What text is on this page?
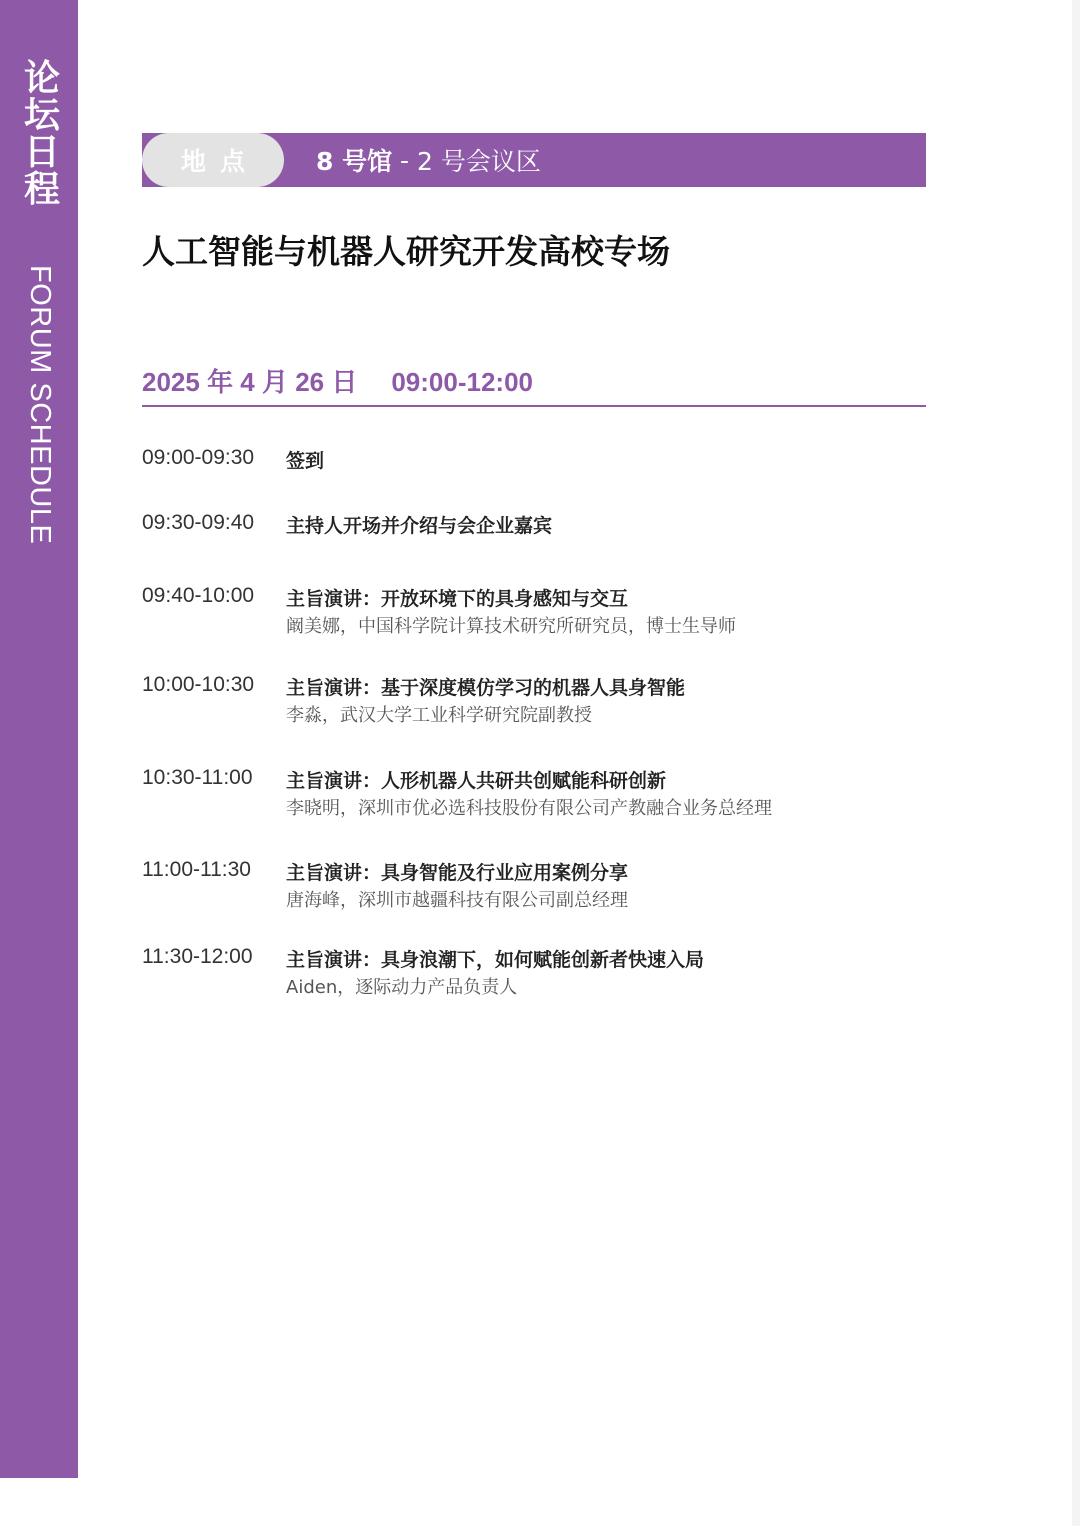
论坛日程
FORUM SCHEDULE
地点	8 号馆 - 2 号会议区
人工智能与机器人研究开发高校专场
2025 年 4 月 26 日 09:00-12:00
09:00-09:30 签到
09:30-09:40 主持人开场并介绍与会企业嘉宾
09:40-10:00 主旨演讲：开放环境下的具身感知与交互
阚美娜，中国科学院计算技术研究所研究员，博士生导师
10:00-10:30 主旨演讲：基于深度模仿学习的机器人具身智能
李淼，武汉大学工业科学研究院副教授
10:30-11:00 主旨演讲：人形机器人共研共创赋能科研创新
李晓明，深圳市优必选科技股份有限公司产教融合业务总经理
11:00-11:30 主旨演讲：具身智能及行业应用案例分享
唐海峰，深圳市越疆科技有限公司副总经理
11:30-12:00 主旨演讲：具身浪潮下，如何赋能创新者快速入局
Aiden，逐际动力产品负责人
